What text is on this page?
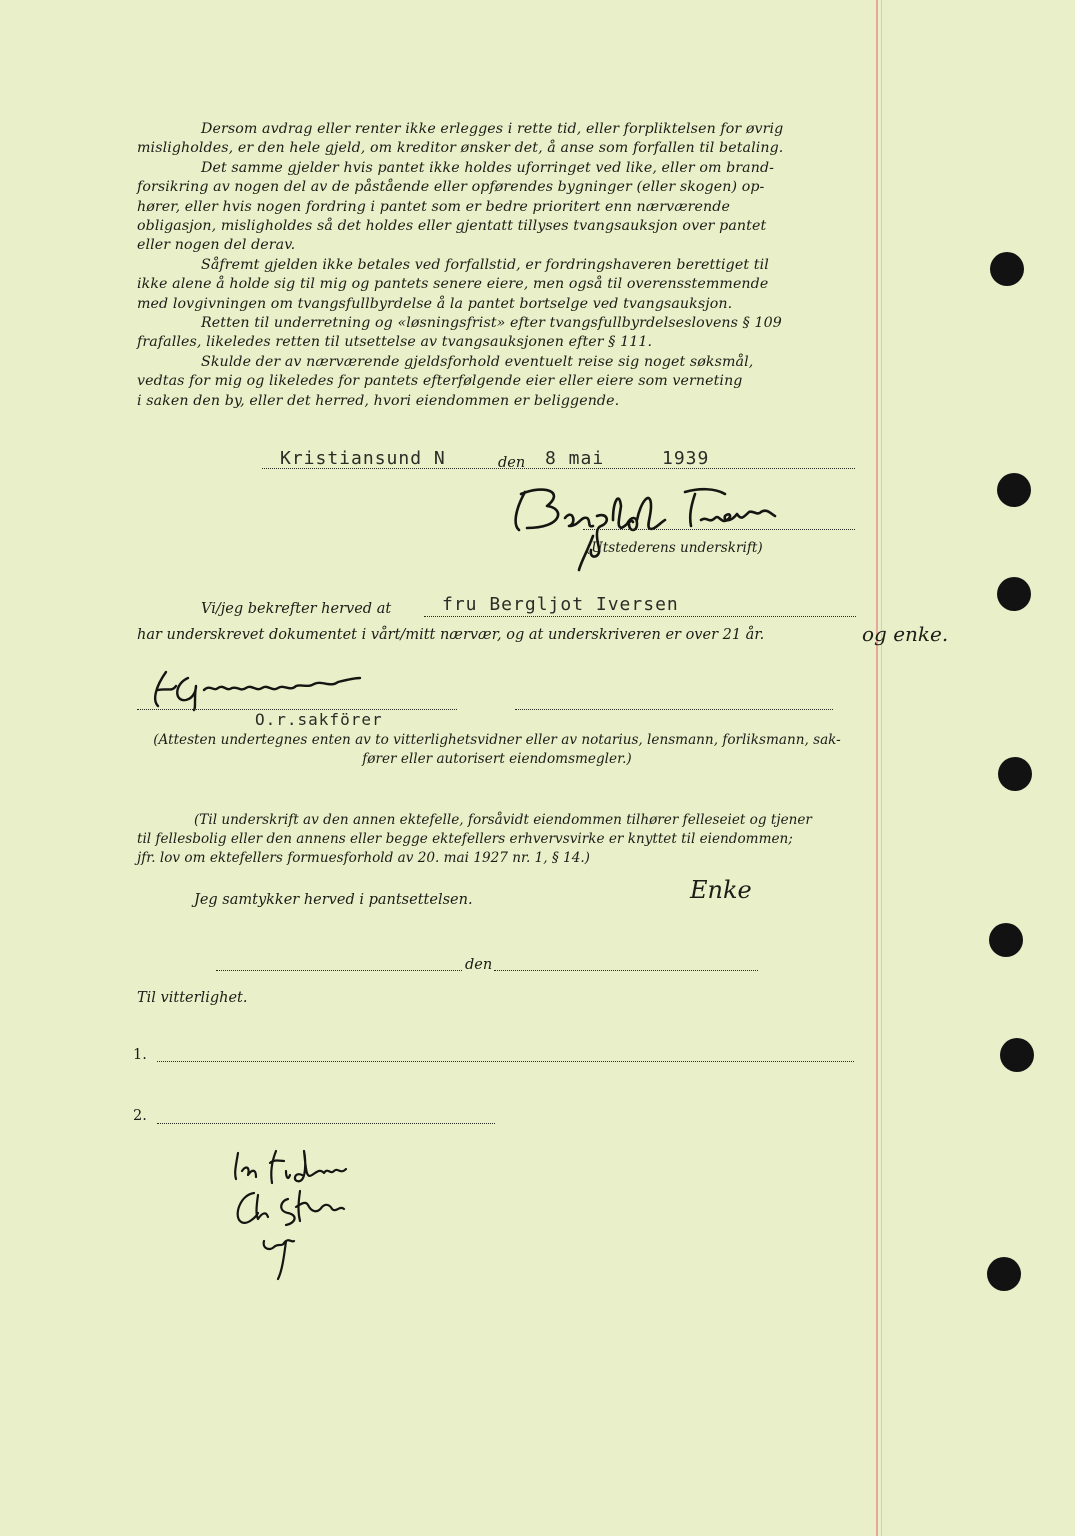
Dersom avdrag eller renter ikke erlegges i rette tid, eller forpliktelsen for øvrig
misligholdes, er den hele gjeld, om kreditor ønsker det, å anse som forfallen til betaling.
Det samme gjelder hvis pantet ikke holdes uforringet ved like, eller om brand-
forsikring av nogen del av de påstående eller opførendes bygninger (eller skogen) op-
hører, eller hvis nogen fordring i pantet som er bedre prioritert enn nærværende
obligasjon, misligholdes så det holdes eller gjentatt tillyses tvangsauksjon over pantet
eller nogen del derav.
Såfremt gjelden ikke betales ved forfallstid, er fordringshaveren berettiget til
ikke alene å holde sig til mig og pantets senere eiere, men også til overensstemmende
med lovgivningen om tvangsfullbyrdelse å la pantet bortselge ved tvangsauksjon.
Retten til underretning og «løsningsfrist» efter tvangsfullbyrdelseslovens § 109
frafalles, likeledes retten til utsettelse av tvangsauksjonen efter § 111.
Skulde der av nærværende gjeldsforhold eventuelt reise sig noget søksmål,
vedtas for mig og likeledes for pantets efterfølgende eier eller eiere som verneting
i saken den by, eller det herred, hvori eiendommen er beliggende.
Kristiansund N	den 8 mai	1939
(Utstederens underskrift)
Vi/jeg bekrefter herved at	fru Bergljot Iversen
har underskrevet dokumentet i vårt/mitt nærvær, og at underskriveren er over 21 år.	og enke.
O.r.sakförer
(Attesten undertegnes enten av to vitterlighetsvidner eller av notarius, lensmann, forliksmann, sak-
fører eller autorisert eiendomsmegler.)
(Til underskrift av den annen ektefelle, forsåvidt eiendommen tilhører felleseiet og tjener
til fellesbolig eller den annens eller begge ektefellers erhvervsvirke er knyttet til eiendommen;
jfr. lov om ektefellers formuesforhold av 20. mai 1927 nr. 1, § 14.)
Jeg samtykker herved i pantsettelsen.	Enke
den
Til vitterlighet.
1.
2.
